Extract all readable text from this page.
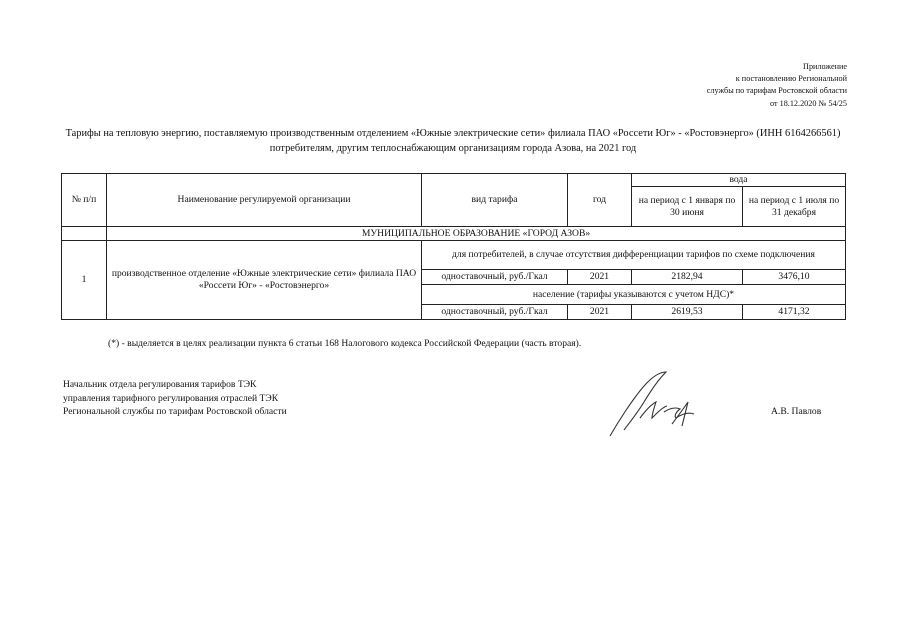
Приложение
к постановлению Региональной
службы по тарифам Ростовской области
от 18.12.2020 № 54/25
Тарифы на тепловую энергию, поставляемую производственным отделением «Южные электрические сети» филиала ПАО «Россети Юг» - «Ростовэнерго» (ИНН 6164266561) потребителям, другим теплоснабжающим организациям города Азова, на 2021 год
№ п/п	Наименование регулируемой организации	вид тарифа	год	вода	
				на период с 1 января по 30 июня	на период с 1 июля по 31 декабря
	МУНИЦИПАЛЬНОЕ ОБРАЗОВАНИЕ «ГОРОД АЗОВ»				
1	производственное отделение «Южные электрические сети» филиала ПАО «Россети Юг» - «Ростовэнерго»	для потребителей, в случае отсутствия дифференциации тарифов по схеме подключения			
		одноставочный, руб./Гкал	2021	2182,94	3476,10
		население (тарифы указываются с учетом НДС)*			
		одноставочный, руб./Гкал	2021	2619,53	4171,32
(*) - выделяется в целях реализации пункта 6 статьи 168 Налогового кодекса Российской Федерации (часть вторая).
Начальник отдела регулирования тарифов ТЭК
управления тарифного регулирования отраслей ТЭК
Региональной службы по тарифам Ростовской области	А.В. Павлов
